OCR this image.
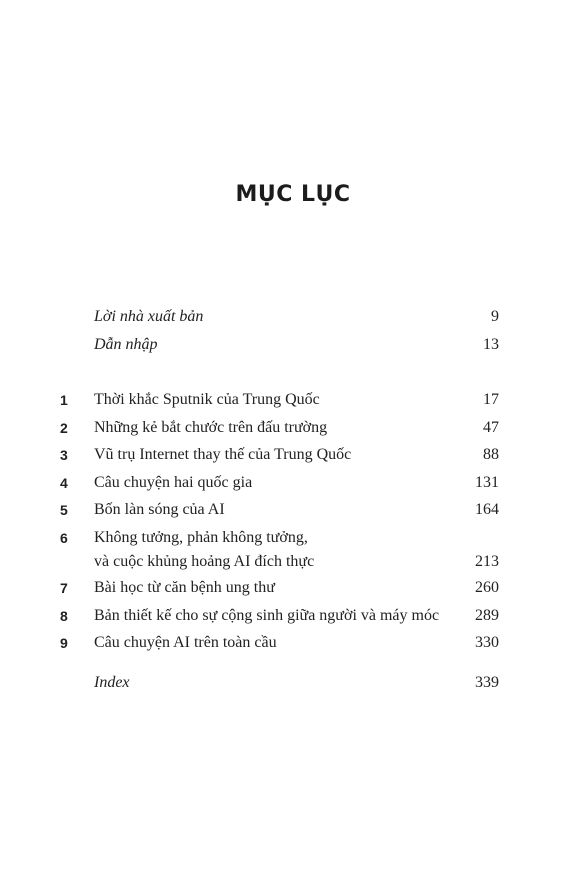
MỤC LỤC
Lời nhà xuất bản	9
Dẫn nhập	13
1	Thời khắc Sputnik của Trung Quốc	17
2	Những kẻ bắt chước trên đấu trường	47
3	Vũ trụ Internet thay thế của Trung Quốc	88
4	Câu chuyện hai quốc gia	131
5	Bốn làn sóng của AI	164
6	Không tưởng, phản không tưởng,
và cuộc khủng hoảng AI đích thực	213
7	Bài học từ căn bệnh ung thư	260
8	Bản thiết kế cho sự cộng sinh giữa người và máy móc 289
9	Câu chuyện AI trên toàn cầu	330
Index	339
